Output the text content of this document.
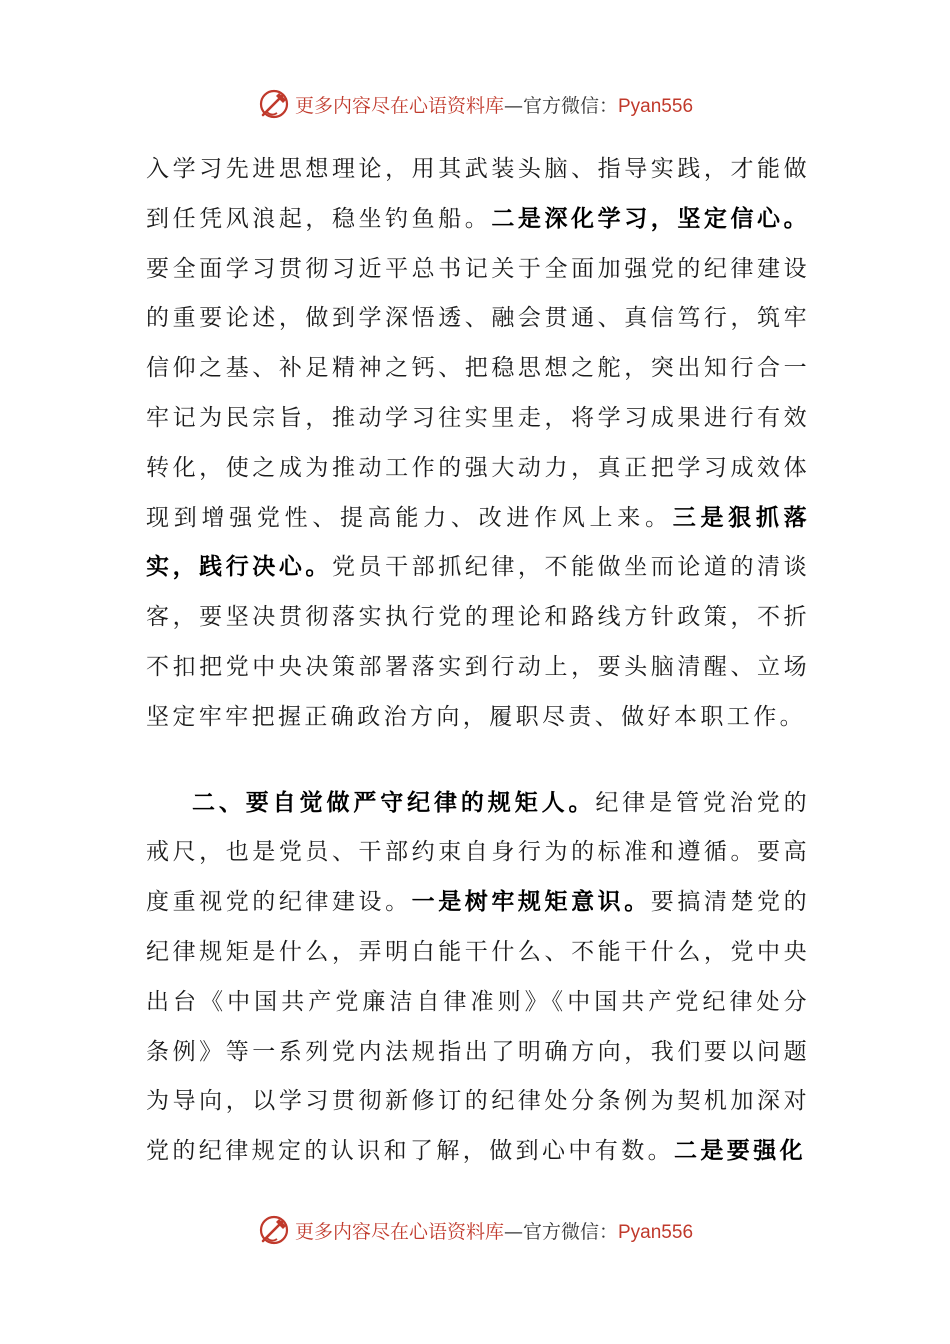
更多内容尽在心语资料库—官方微信：Pyan556

入学习先进思想理论，用其武装头脑、指导实践，才能做到任凭风浪起，稳坐钓鱼船。二是深化学习，坚定信心。要全面学习贯彻习近平总书记关于全面加强党的纪律建设的重要论述，做到学深悟透、融会贯通、真信笃行，筑牢信仰之基、补足精神之钙、把稳思想之舵，突出知行合一牢记为民宗旨，推动学习往实里走，将学习成果进行有效转化，使之成为推动工作的强大动力，真正把学习成效体现到增强党性、提高能力、改进作风上来。三是狠抓落实，践行决心。党员干部抓纪律，不能做坐而论道的清谈客，要坚决贯彻落实执行党的理论和路线方针政策，不折不扣把党中央决策部署落实到行动上，要头脑清醒、立场坚定牢牢把握正确政治方向，履职尽责、做好本职工作。

二、要自觉做严守纪律的规矩人。纪律是管党治党的戒尺，也是党员、干部约束自身行为的标准和遵循。要高度重视党的纪律建设。一是树牢规矩意识。要搞清楚党的纪律规矩是什么，弄明白能干什么、不能干什么，党中央出台《中国共产党廉洁自律准则》《中国共产党纪律处分条例》等一系列党内法规指出了明确方向，我们要以问题为导向，以学习贯彻新修订的纪律处分条例为契机加深对党的纪律规定的认识和了解，做到心中有数。二是要强化

更多内容尽在心语资料库—官方微信：Pyan556
